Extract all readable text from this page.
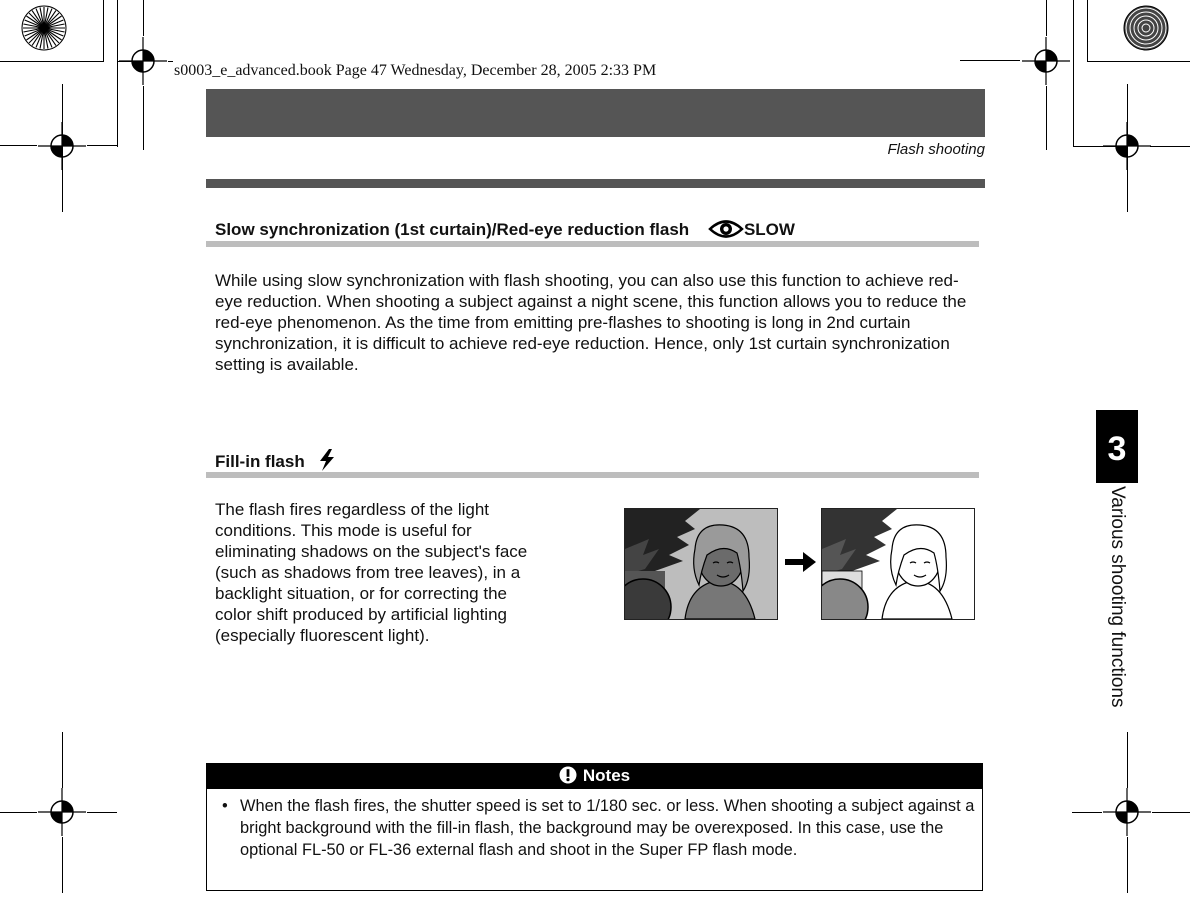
s0003_e_advanced.book Page 47 Wednesday, December 28, 2005 2:33 PM
Flash shooting
Slow synchronization (1st curtain)/Red-eye reduction flash	SLOW

While using slow synchronization with flash shooting, you can also use this function to achieve red-eye reduction. When shooting a subject against a night scene, this function allows you to reduce the red-eye phenomenon. As the time from emitting pre-flashes to shooting is long in 2nd curtain synchronization, it is difficult to achieve red-eye reduction. Hence, only 1st curtain synchronization setting is available.

Fill-in flash

The flash fires regardless of the light conditions. This mode is useful for eliminating shadows on the subject's face (such as shadows from tree leaves), in a backlight situation, or for correcting the color shift produced by artificial lighting (especially fluorescent light).

3
Various shooting functions
Notes
• When the flash fires, the shutter speed is set to 1/180 sec. or less. When shooting a subject against a bright background with the fill-in flash, the background may be overexposed. In this case, use the optional FL-50 or FL-36 external flash and shoot in the Super FP flash mode.
